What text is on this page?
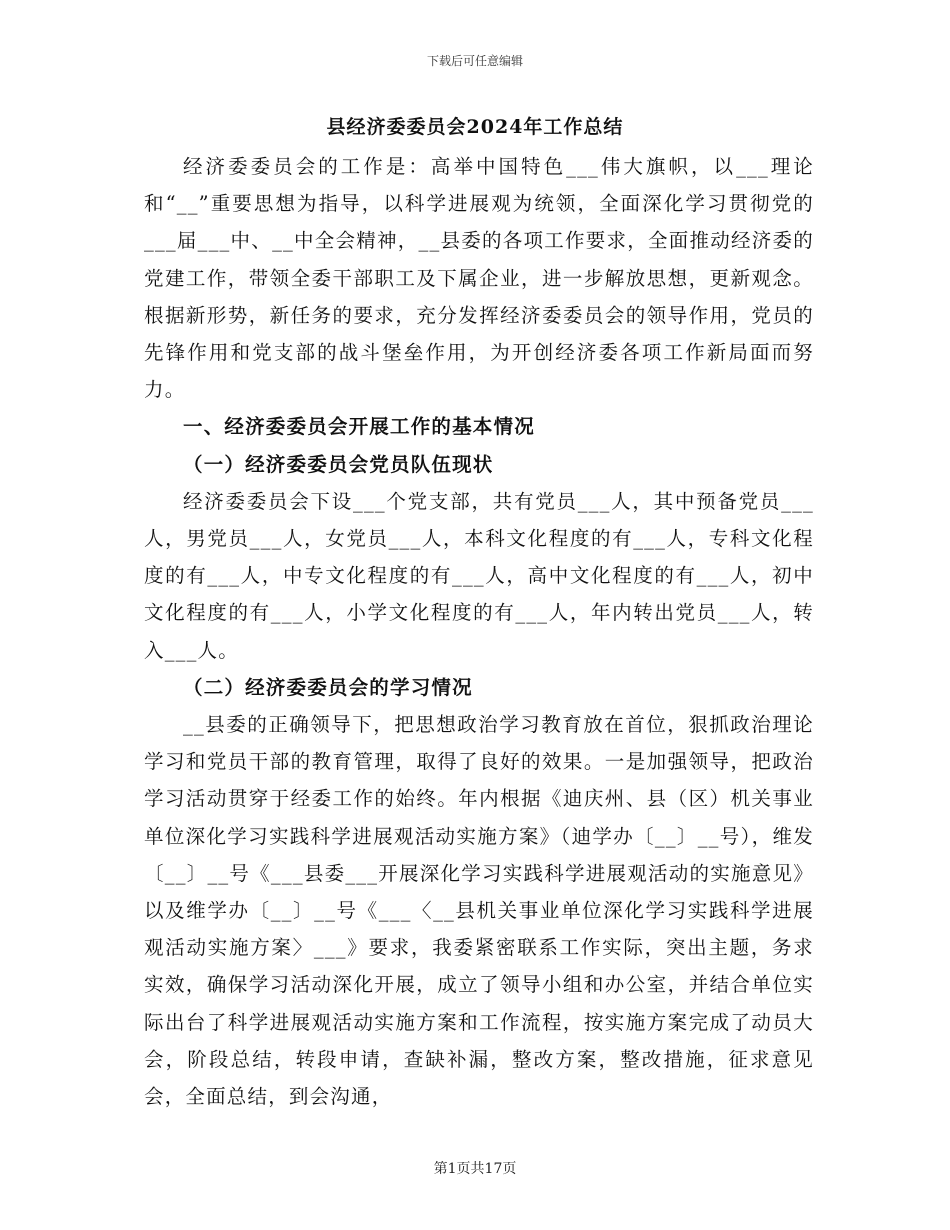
下载后可任意编辑
县经济委委员会2024年工作总结

经济委委员会的工作是：高举中国特色___伟大旗帜，以___理论和“__”重要思想为指导，以科学进展观为统领，全面深化学习贯彻党的___届___中、__中全会精神，__县委的各项工作要求，全面推动经济委的党建工作，带领全委干部职工及下属企业，进一步解放思想，更新观念。根据新形势，新任务的要求，充分发挥经济委委员会的领导作用，党员的先锋作用和党支部的战斗堡垒作用，为开创经济委各项工作新局面而努力。

一、经济委委员会开展工作的基本情况

（一）经济委委员会党员队伍现状

经济委委员会下设___个党支部，共有党员___人，其中预备党员___人，男党员___人，女党员___人，本科文化程度的有___人，专科文化程度的有___人，中专文化程度的有___人，高中文化程度的有___人，初中文化程度的有___人，小学文化程度的有___人，年内转出党员___人，转入___人。

（二）经济委委员会的学习情况

__县委的正确领导下，把思想政治学习教育放在首位，狠抓政治理论学习和党员干部的教育管理，取得了良好的效果。一是加强领导，把政治学习活动贯穿于经委工作的始终。年内根据《迪庆州、县（区）机关事业单位深化学习实践科学进展观活动实施方案》（迪学办〔__〕__号），维发〔__〕__号《___县委___开展深化学习实践科学进展观活动的实施意见》以及维学办〔__〕__号《___〈__县机关事业单位深化学习实践科学进展观活动实施方案〉___》要求，我委紧密联系工作实际，突出主题，务求实效，确保学习活动深化开展，成立了领导小组和办公室，并结合单位实际出台了科学进展观活动实施方案和工作流程，按实施方案完成了动员大会，阶段总结，转段申请，查缺补漏，整改方案，整改措施，征求意见会，全面总结，到会沟通，

第1页共17页
